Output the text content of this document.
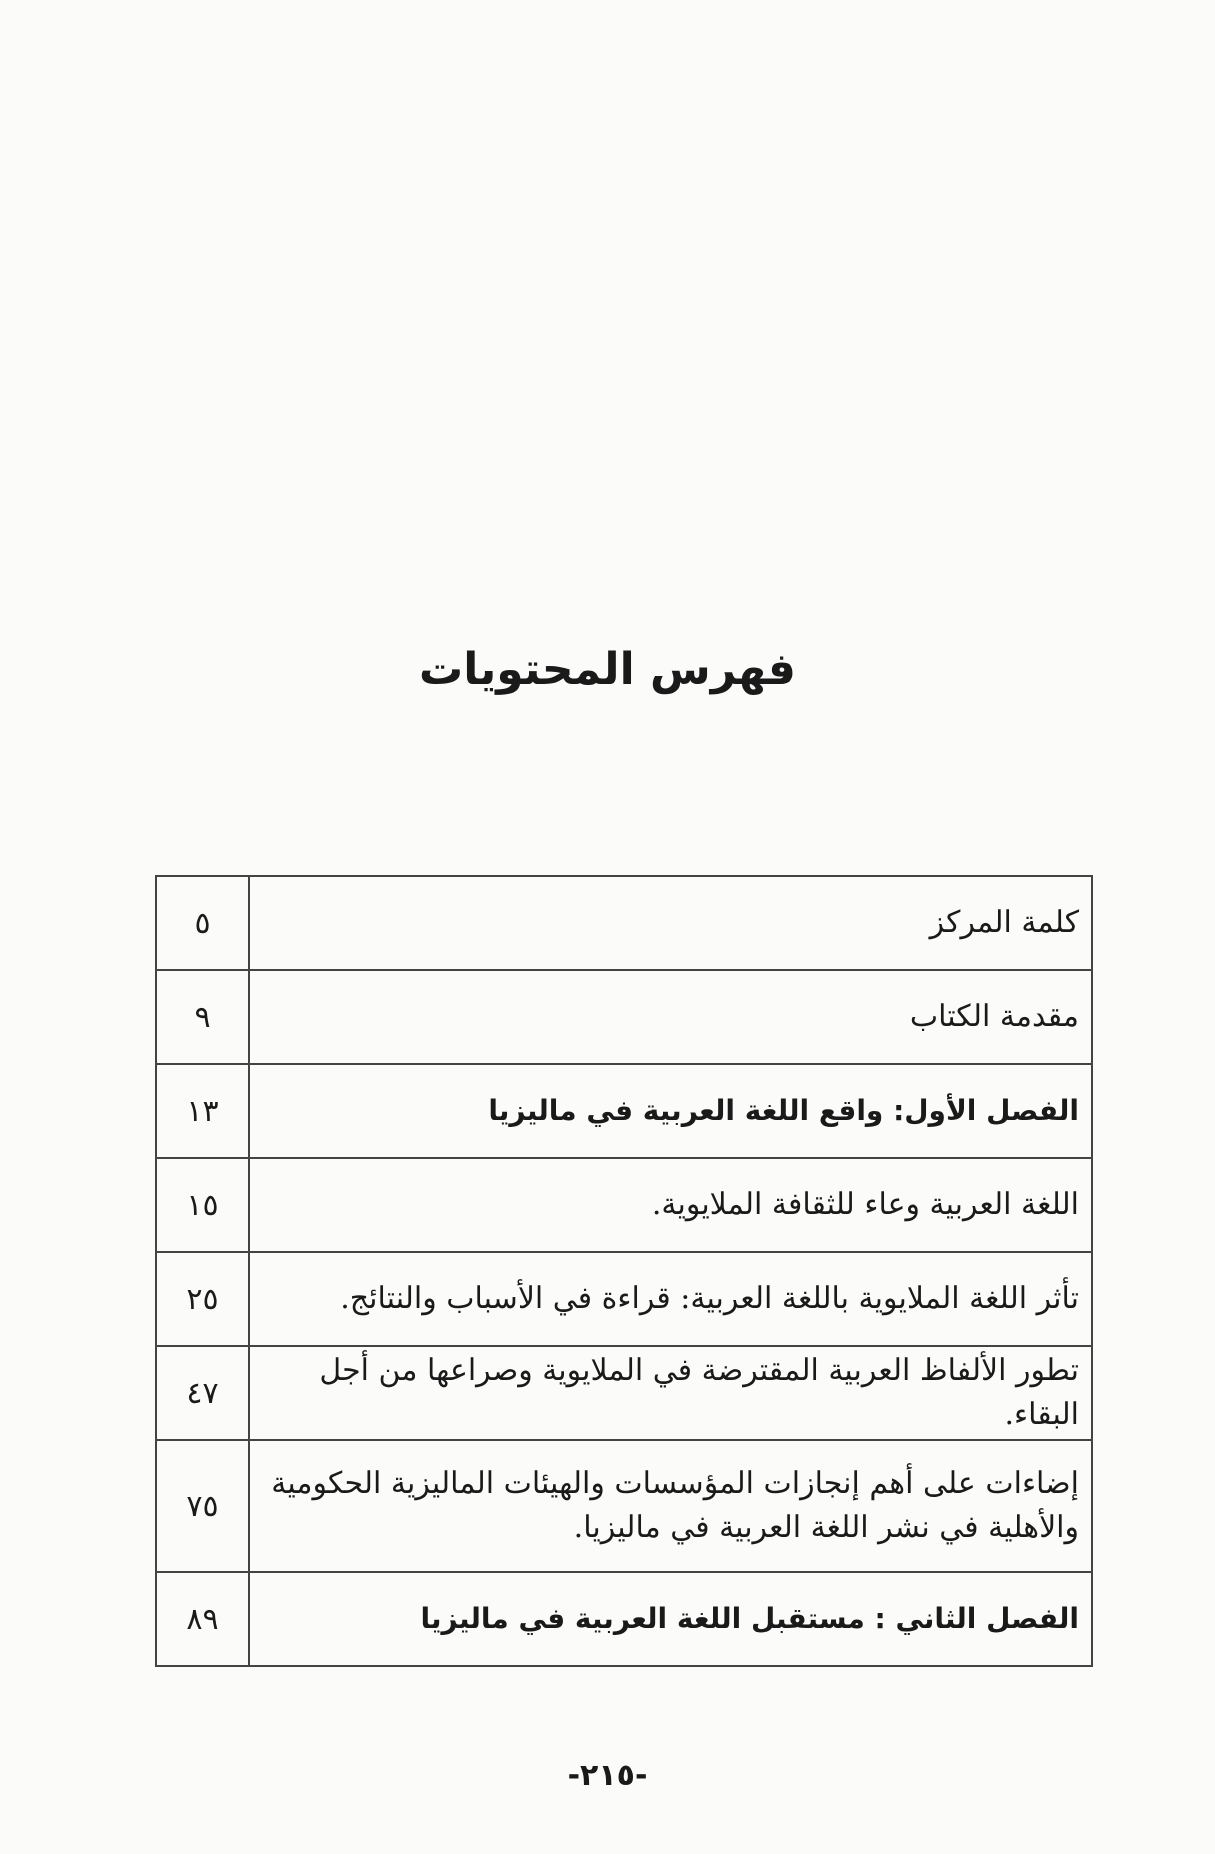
فهرس المحتويات
كلمة المركز	٥
مقدمة الكتاب	٩
الفصل الأول: واقع اللغة العربية في ماليزيا	١٣
اللغة العربية وعاء للثقافة الملايوية.	١٥
تأثر اللغة الملايوية باللغة العربية: قراءة في الأسباب والنتائج.	٢٥
تطور الألفاظ العربية المقترضة في الملايوية وصراعها من أجل البقاء.	٤٧
إضاءات على أهم إنجازات المؤسسات والهيئات الماليزية الحكومية والأهلية في نشر اللغة العربية في ماليزيا.	٧٥
الفصل الثاني : مستقبل اللغة العربية في ماليزيا	٨٩
-٢١٥-
